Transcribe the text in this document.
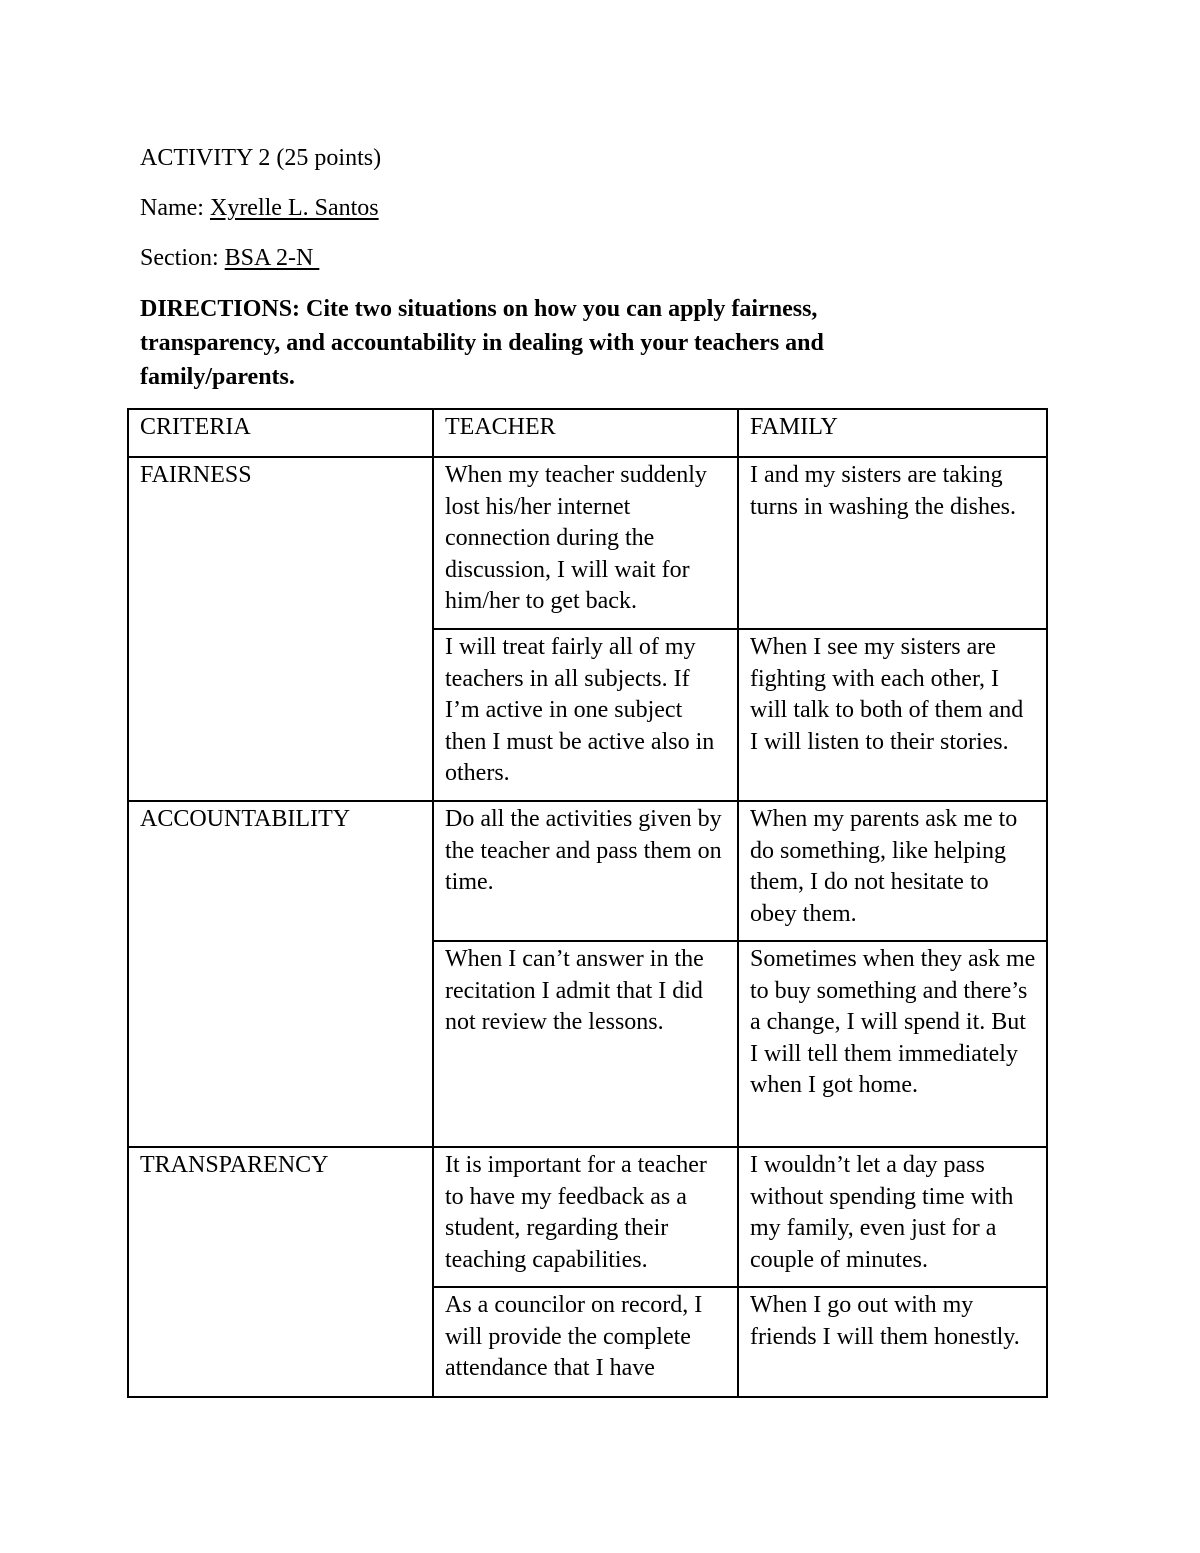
ACTIVITY 2 (25 points)
Name: Xyrelle L. Santos
Section: BSA 2-N
DIRECTIONS: Cite two situations on how you can apply fairness, transparency, and accountability in dealing with your teachers and family/parents.
CRITERIA	TEACHER	FAMILY
FAIRNESS	When my teacher suddenly lost his/her internet connection during the discussion, I will wait for him/her to get back.	I and my sisters are taking turns in washing the dishes.
	I will treat fairly all of my teachers in all subjects. If I’m active in one subject then I must be active also in others.	When I see my sisters are fighting with each other, I will talk to both of them and I will listen to their stories.
ACCOUNTABILITY	Do all the activities given by the teacher and pass them on time.	When my parents ask me to do something, like helping them, I do not hesitate to obey them.
	When I can’t answer in the recitation I admit that I did not review the lessons.	Sometimes when they ask me to buy something and there’s a change, I will spend it. But I will tell them immediately when I got home.
TRANSPARENCY	It is important for a teacher to have my feedback as a student, regarding their teaching capabilities.	I wouldn’t let a day pass without spending time with my family, even just for a couple of minutes.
	As a councilor on record, I will provide the complete attendance that I have	When I go out with my friends I will them honestly.
